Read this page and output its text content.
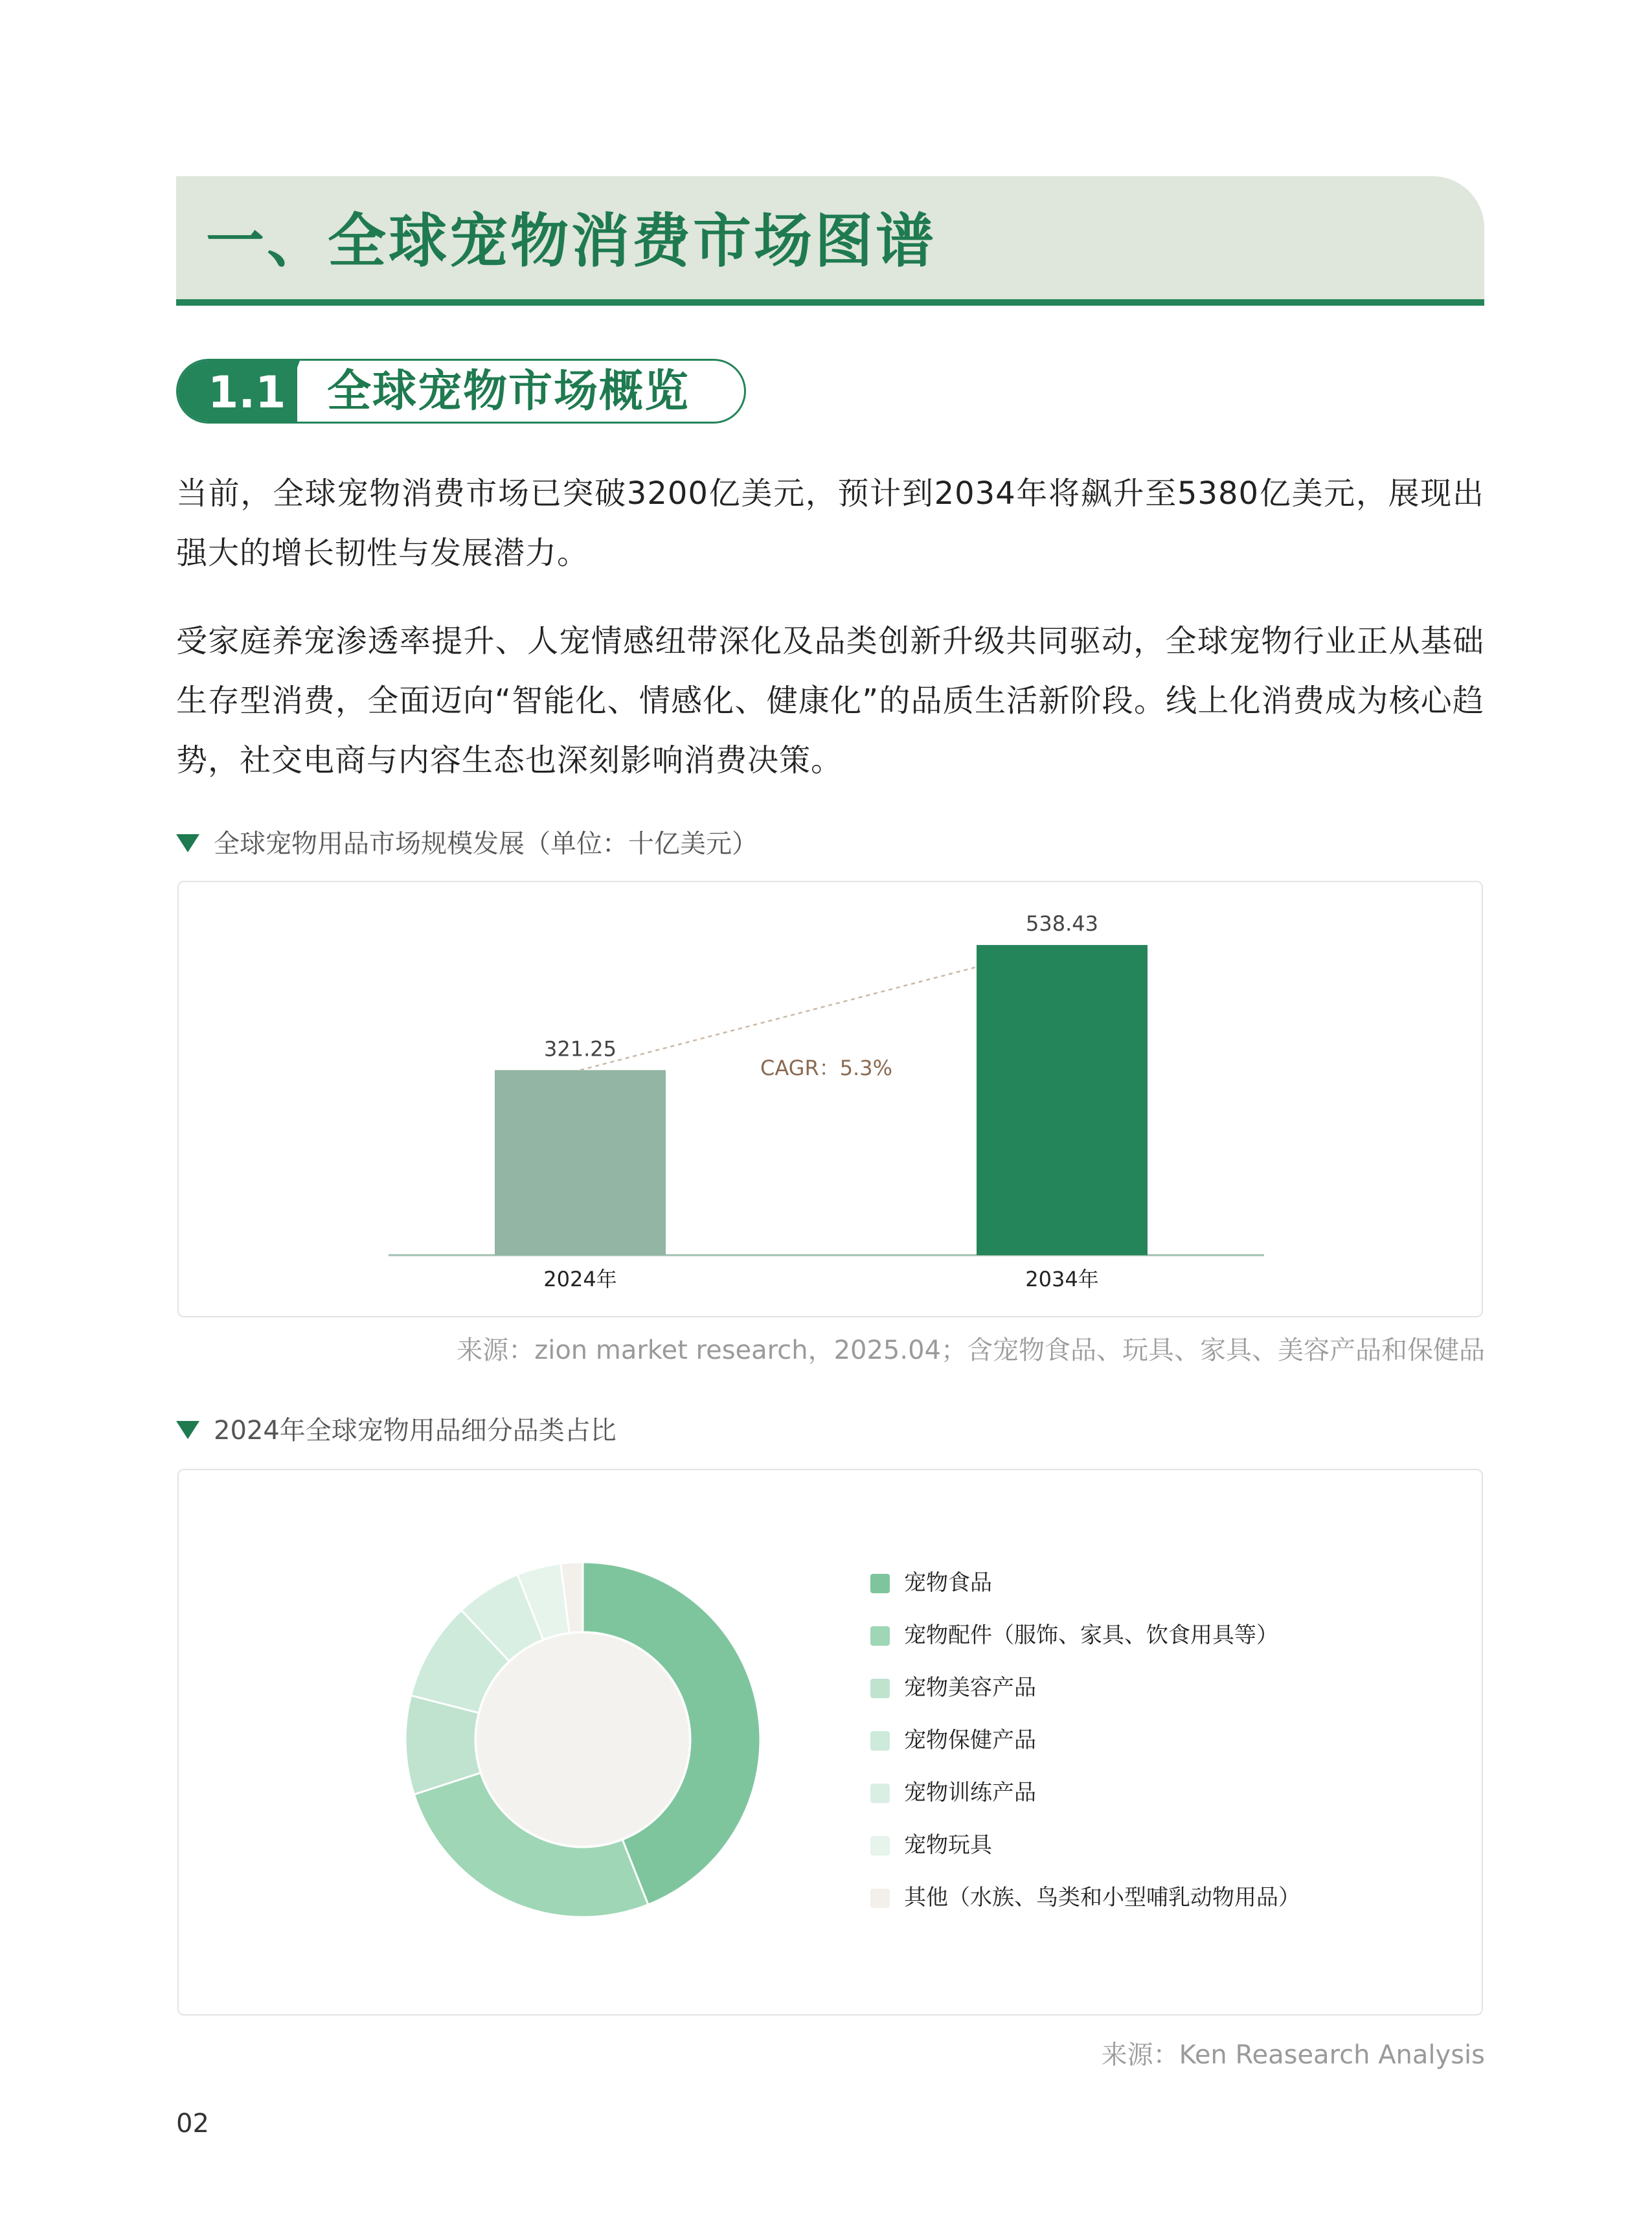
一、全球宠物消费市场图谱
1.1 全球宠物市场概览
当前，全球宠物消费市场已突破3200亿美元，预计到2034年将飙升至5380亿美元，展现出强大的增长韧性与发展潜力。
受家庭养宠渗透率提升、人宠情感纽带深化及品类创新升级共同驱动，全球宠物行业正从基础生存型消费，全面迈向“智能化、情感化、健康化”的品质生活新阶段。线上化消费成为核心趋势，社交电商与内容生态也深刻影响消费决策。
全球宠物用品市场规模发展（单位：十亿美元）
321.25
2024年
538.43
2034年
CAGR：5.3%
来源：zion market research，2025.04；含宠物食品、玩具、家具、美容产品和保健品
2024年全球宠物用品细分品类占比
宠物食品
宠物配件（服饰、家具、饮食用具等）
宠物美容产品
宠物保健产品
宠物训练产品
宠物玩具
其他（水族、鸟类和小型哺乳动物用品）
来源：Ken Reasearch Analysis
02
